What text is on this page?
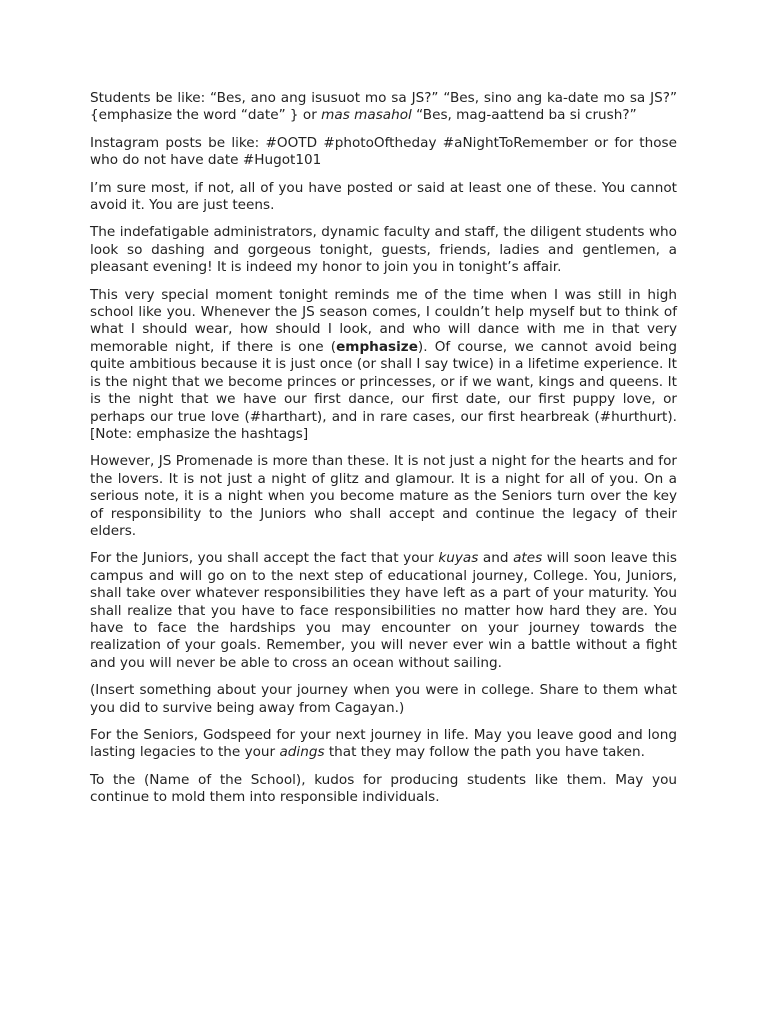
Students be like: “Bes, ano ang isusuot mo sa JS?” “Bes, sino ang ka-date mo sa JS?” {emphasize the word “date” } or mas masahol “Bes, mag-aattend ba si crush?”

Instagram posts be like: #OOTD #photoOftheday #aNightToRemember or for those who do not have date #Hugot101

I’m sure most, if not, all of you have posted or said at least one of these. You cannot avoid it. You are just teens.

The indefatigable administrators, dynamic faculty and staff, the diligent students who look so dashing and gorgeous tonight, guests, friends, ladies and gentlemen, a pleasant evening! It is indeed my honor to join you in tonight’s affair.

This very special moment tonight reminds me of the time when I was still in high school like you. Whenever the JS season comes, I couldn’t help myself but to think of what I should wear, how should I look, and who will dance with me in that very memorable night, if there is one (emphasize). Of course, we cannot avoid being quite ambitious because it is just once (or shall I say twice) in a lifetime experience. It is the night that we become princes or princesses, or if we want, kings and queens. It is the night that we have our first dance, our first date, our first puppy love, or perhaps our true love (#harthart), and in rare cases, our first hearbreak (#hurthurt). [Note: emphasize the hashtags]

However, JS Promenade is more than these. It is not just a night for the hearts and for the lovers. It is not just a night of glitz and glamour. It is a night for all of you. On a serious note, it is a night when you become mature as the Seniors turn over the key of responsibility to the Juniors who shall accept and continue the legacy of their elders.

For the Juniors, you shall accept the fact that your kuyas and ates will soon leave this campus and will go on to the next step of educational journey, College. You, Juniors, shall take over whatever responsibilities they have left as a part of your maturity. You shall realize that you have to face responsibilities no matter how hard they are. You have to face the hardships you may encounter on your journey towards the realization of your goals. Remember, you will never ever win a battle without a fight and you will never be able to cross an ocean without sailing.

(Insert something about your journey when you were in college. Share to them what you did to survive being away from Cagayan.)

For the Seniors, Godspeed for your next journey in life. May you leave good and long lasting legacies to the your adings that they may follow the path you have taken.

To the (Name of the School), kudos for producing students like them. May you continue to mold them into responsible individuals.
